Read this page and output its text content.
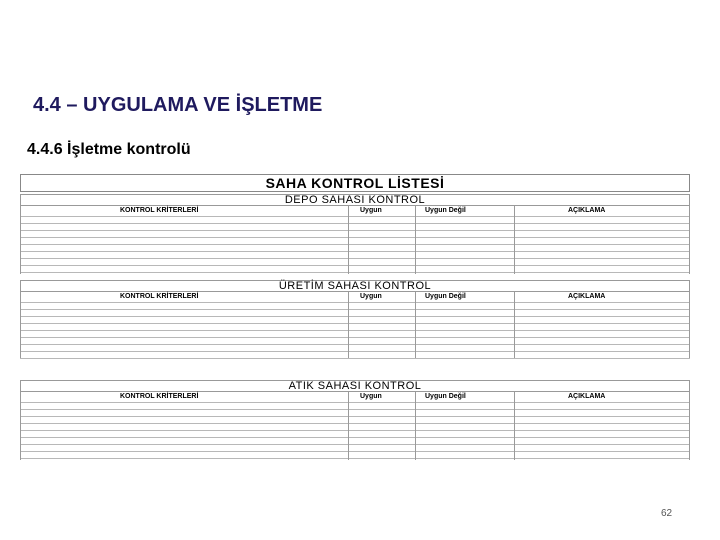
4.4 – UYGULAMA VE İŞLETME
4.4.6 İşletme kontrolü
SAHA KONTROL LİSTESİ
DEPO SAHASI KONTROL
KONTROL KRİTERLERİ	Uygun	Uygun Değil	AÇIKLAMA
ÜRETİM SAHASI KONTROL
KONTROL KRİTERLERİ	Uygun	Uygun Değil	AÇIKLAMA
ATIK SAHASI KONTROL
KONTROL KRİTERLERİ	Uygun	Uygun Değil	AÇIKLAMA
62
